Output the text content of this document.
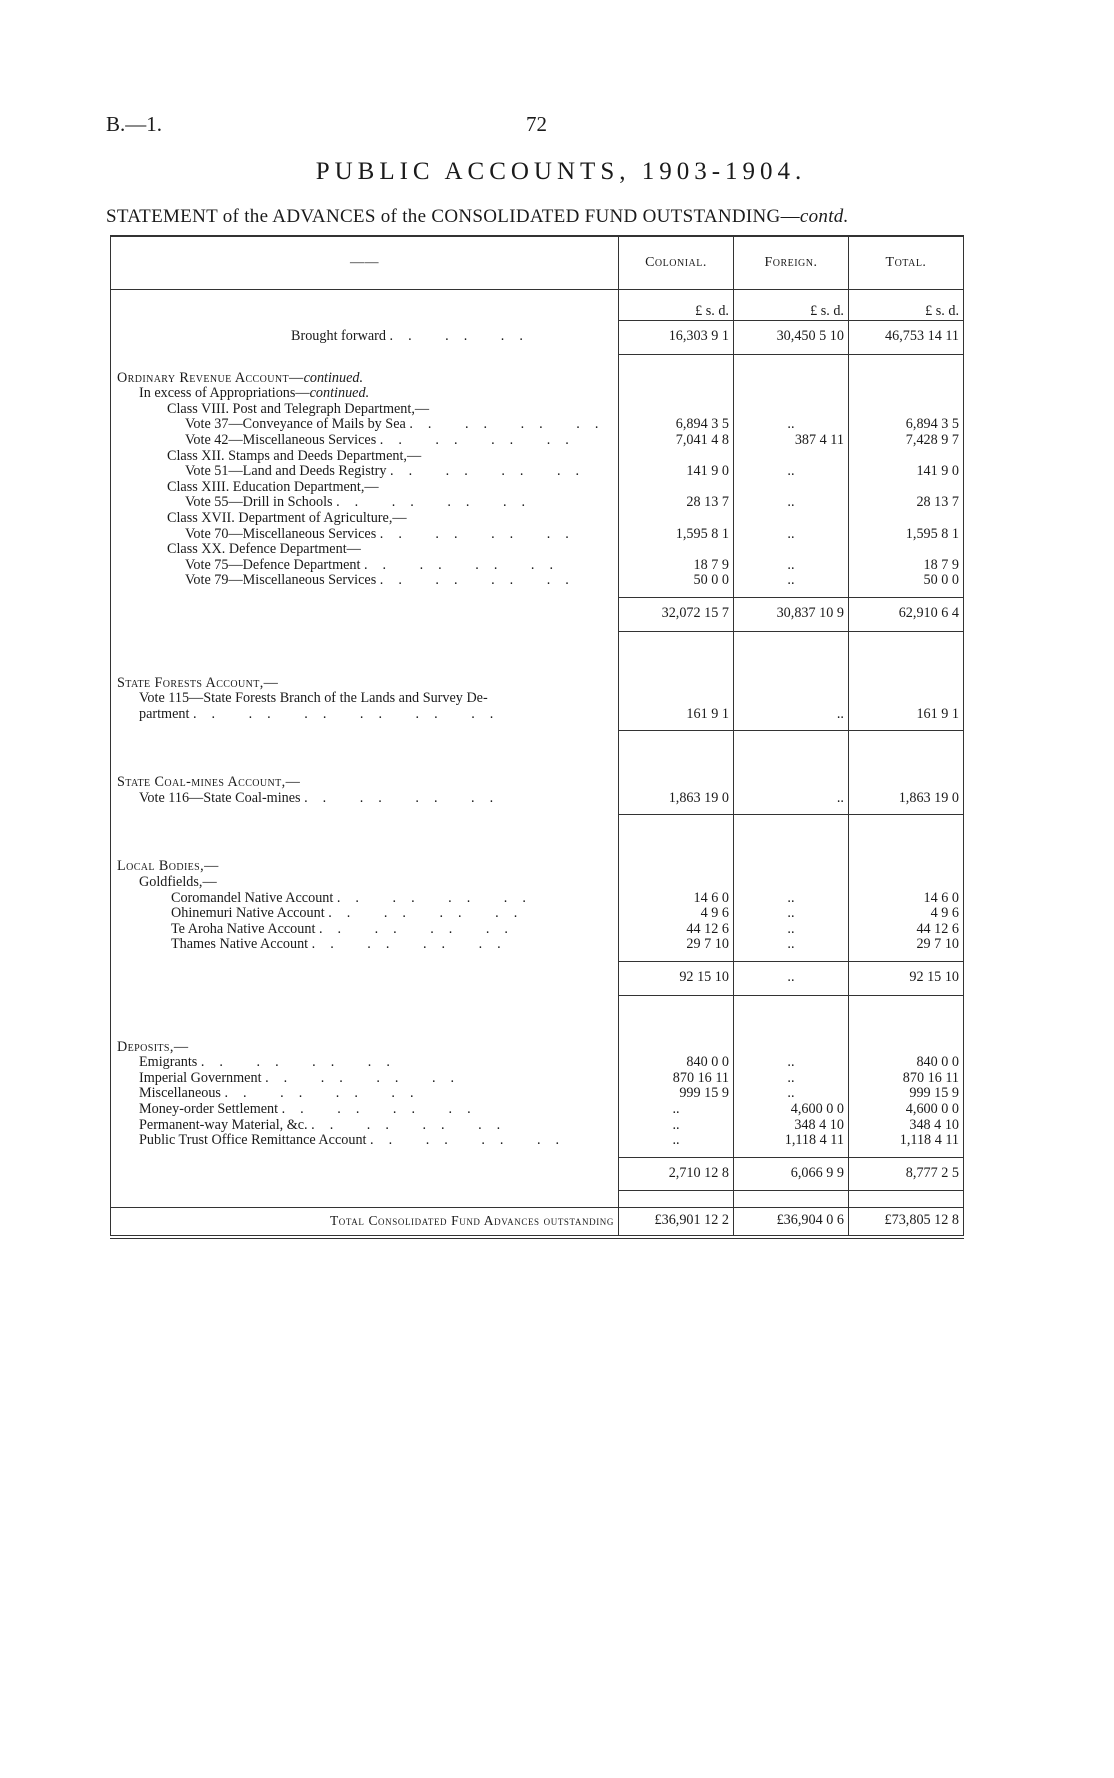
B.—1.	72
PUBLIC ACCOUNTS, 1903-1904.
STATEMENT of the ADVANCES of the CONSOLIDATED FUND OUTSTANDING—contd.
——	Colonial.	Foreign.	Total.
	£ s. d.	£ s. d.	£ s. d.
Brought forward .. .. ..	16,303 9 1	30,450 5 10	46,753 14 11

Ordinary Revenue Account—continued.			
In excess of Appropriations—continued.			
Class VIII. Post and Telegraph Department,—			
Vote 37—Conveyance of Mails by Sea .. .. .. ..	6,894 3 5	..	6,894 3 5
Vote 42—Miscellaneous Services .. .. .. ..	7,041 4 8	387 4 11	7,428 9 7
Class XII. Stamps and Deeds Department,—			
Vote 51—Land and Deeds Registry .. .. .. ..	141 9 0	..	141 9 0
Class XIII. Education Department,—			
Vote 55—Drill in Schools .. .. .. ..	28 13 7	..	28 13 7
Class XVII. Department of Agriculture,—			
Vote 70—Miscellaneous Services .. .. .. ..	1,595 8 1	..	1,595 8 1
Class XX. Defence Department—			
Vote 75—Defence Department .. .. .. ..	18 7 9	..	18 7 9
Vote 79—Miscellaneous Services .. .. .. ..	50 0 0	..	50 0 0

	32,072 15 7	30,837 10 9	62,910 6 4

State Forests Account,—			
Vote 115—State Forests Branch of the Lands and Survey De-			
partment .. .. .. .. .. ..	161 9 1	..	161 9 1

State Coal-mines Account,—			
Vote 116—State Coal-mines .. .. .. ..	1,863 19 0	..	1,863 19 0

Local Bodies,—			
Goldfields,—			
Coromandel Native Account .. .. .. ..	14 6 0	..	14 6 0
Ohinemuri Native Account .. .. .. ..	4 9 6	..	4 9 6
Te Aroha Native Account .. .. .. ..	44 12 6	..	44 12 6
Thames Native Account .. .. .. ..	29 7 10	..	29 7 10

	92 15 10	..	92 15 10

Deposits,—			
Emigrants .. .. .. ..	840 0 0	..	840 0 0
Imperial Government .. .. .. ..	870 16 11	..	870 16 11
Miscellaneous .. .. .. ..	999 15 9	..	999 15 9
Money-order Settlement .. .. .. ..	..	4,600 0 0	4,600 0 0
Permanent-way Material, &c. .. .. .. ..	..	348 4 10	348 4 10
Public Trust Office Remittance Account .. .. .. ..	..	1,118 4 11	1,118 4 11

	2,710 12 8	6,066 9 9	8,777 2 5

Total Consolidated Fund Advances outstanding	£36,901 12 2	£36,904 0 6	£73,805 12 8
